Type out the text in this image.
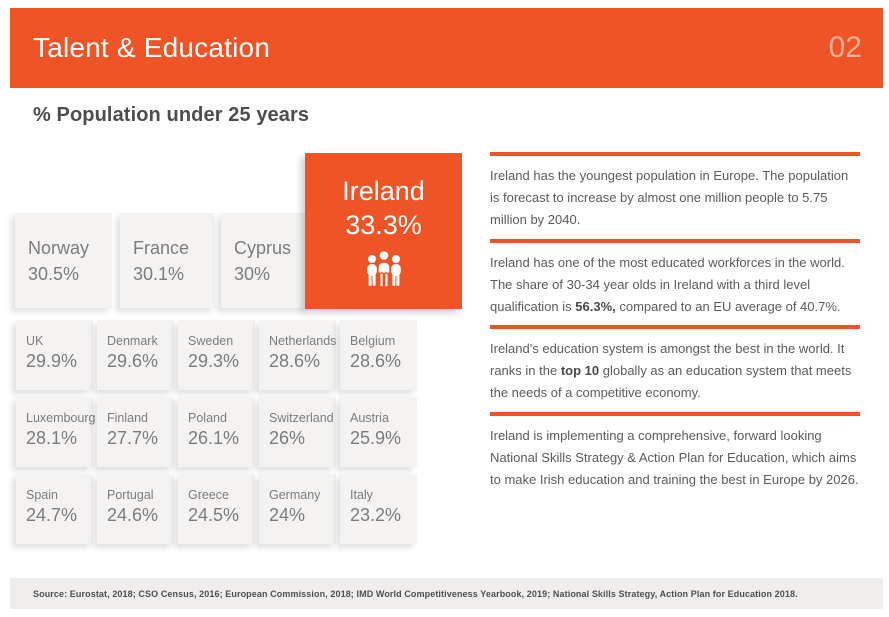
Talent & Education	02
% Population under 25 years
Norway
30.5%
France
30.1%
Cyprus
30%
Ireland
33.3%
UK
29.9%
Denmark
29.6%
Sweden
29.3%
Netherlands
28.6%
Belgium
28.6%
Luxembourg
28.1%
Finland
27.7%
Poland
26.1%
Switzerland
26%
Austria
25.9%
Spain
24.7%
Portugal
24.6%
Greece
24.5%
Germany
24%
Italy
23.2%

Ireland has the youngest population in Europe. The population is forecast to increase by almost one million people to 5.75 million by 2040.

Ireland has one of the most educated workforces in the world. The share of 30-34 year olds in Ireland with a third level qualification is 56.3%, compared to an EU average of 40.7%.

Ireland's education system is amongst the best in the world. It ranks in the top 10 globally as an education system that meets the needs of a competitive economy.

Ireland is implementing a comprehensive, forward looking National Skills Strategy & Action Plan for Education, which aims to make Irish education and training the best in Europe by 2026.

Source: Eurostat, 2018; CSO Census, 2016; European Commission, 2018; IMD World Competitiveness Yearbook, 2019; National Skills Strategy, Action Plan for Education 2018.
